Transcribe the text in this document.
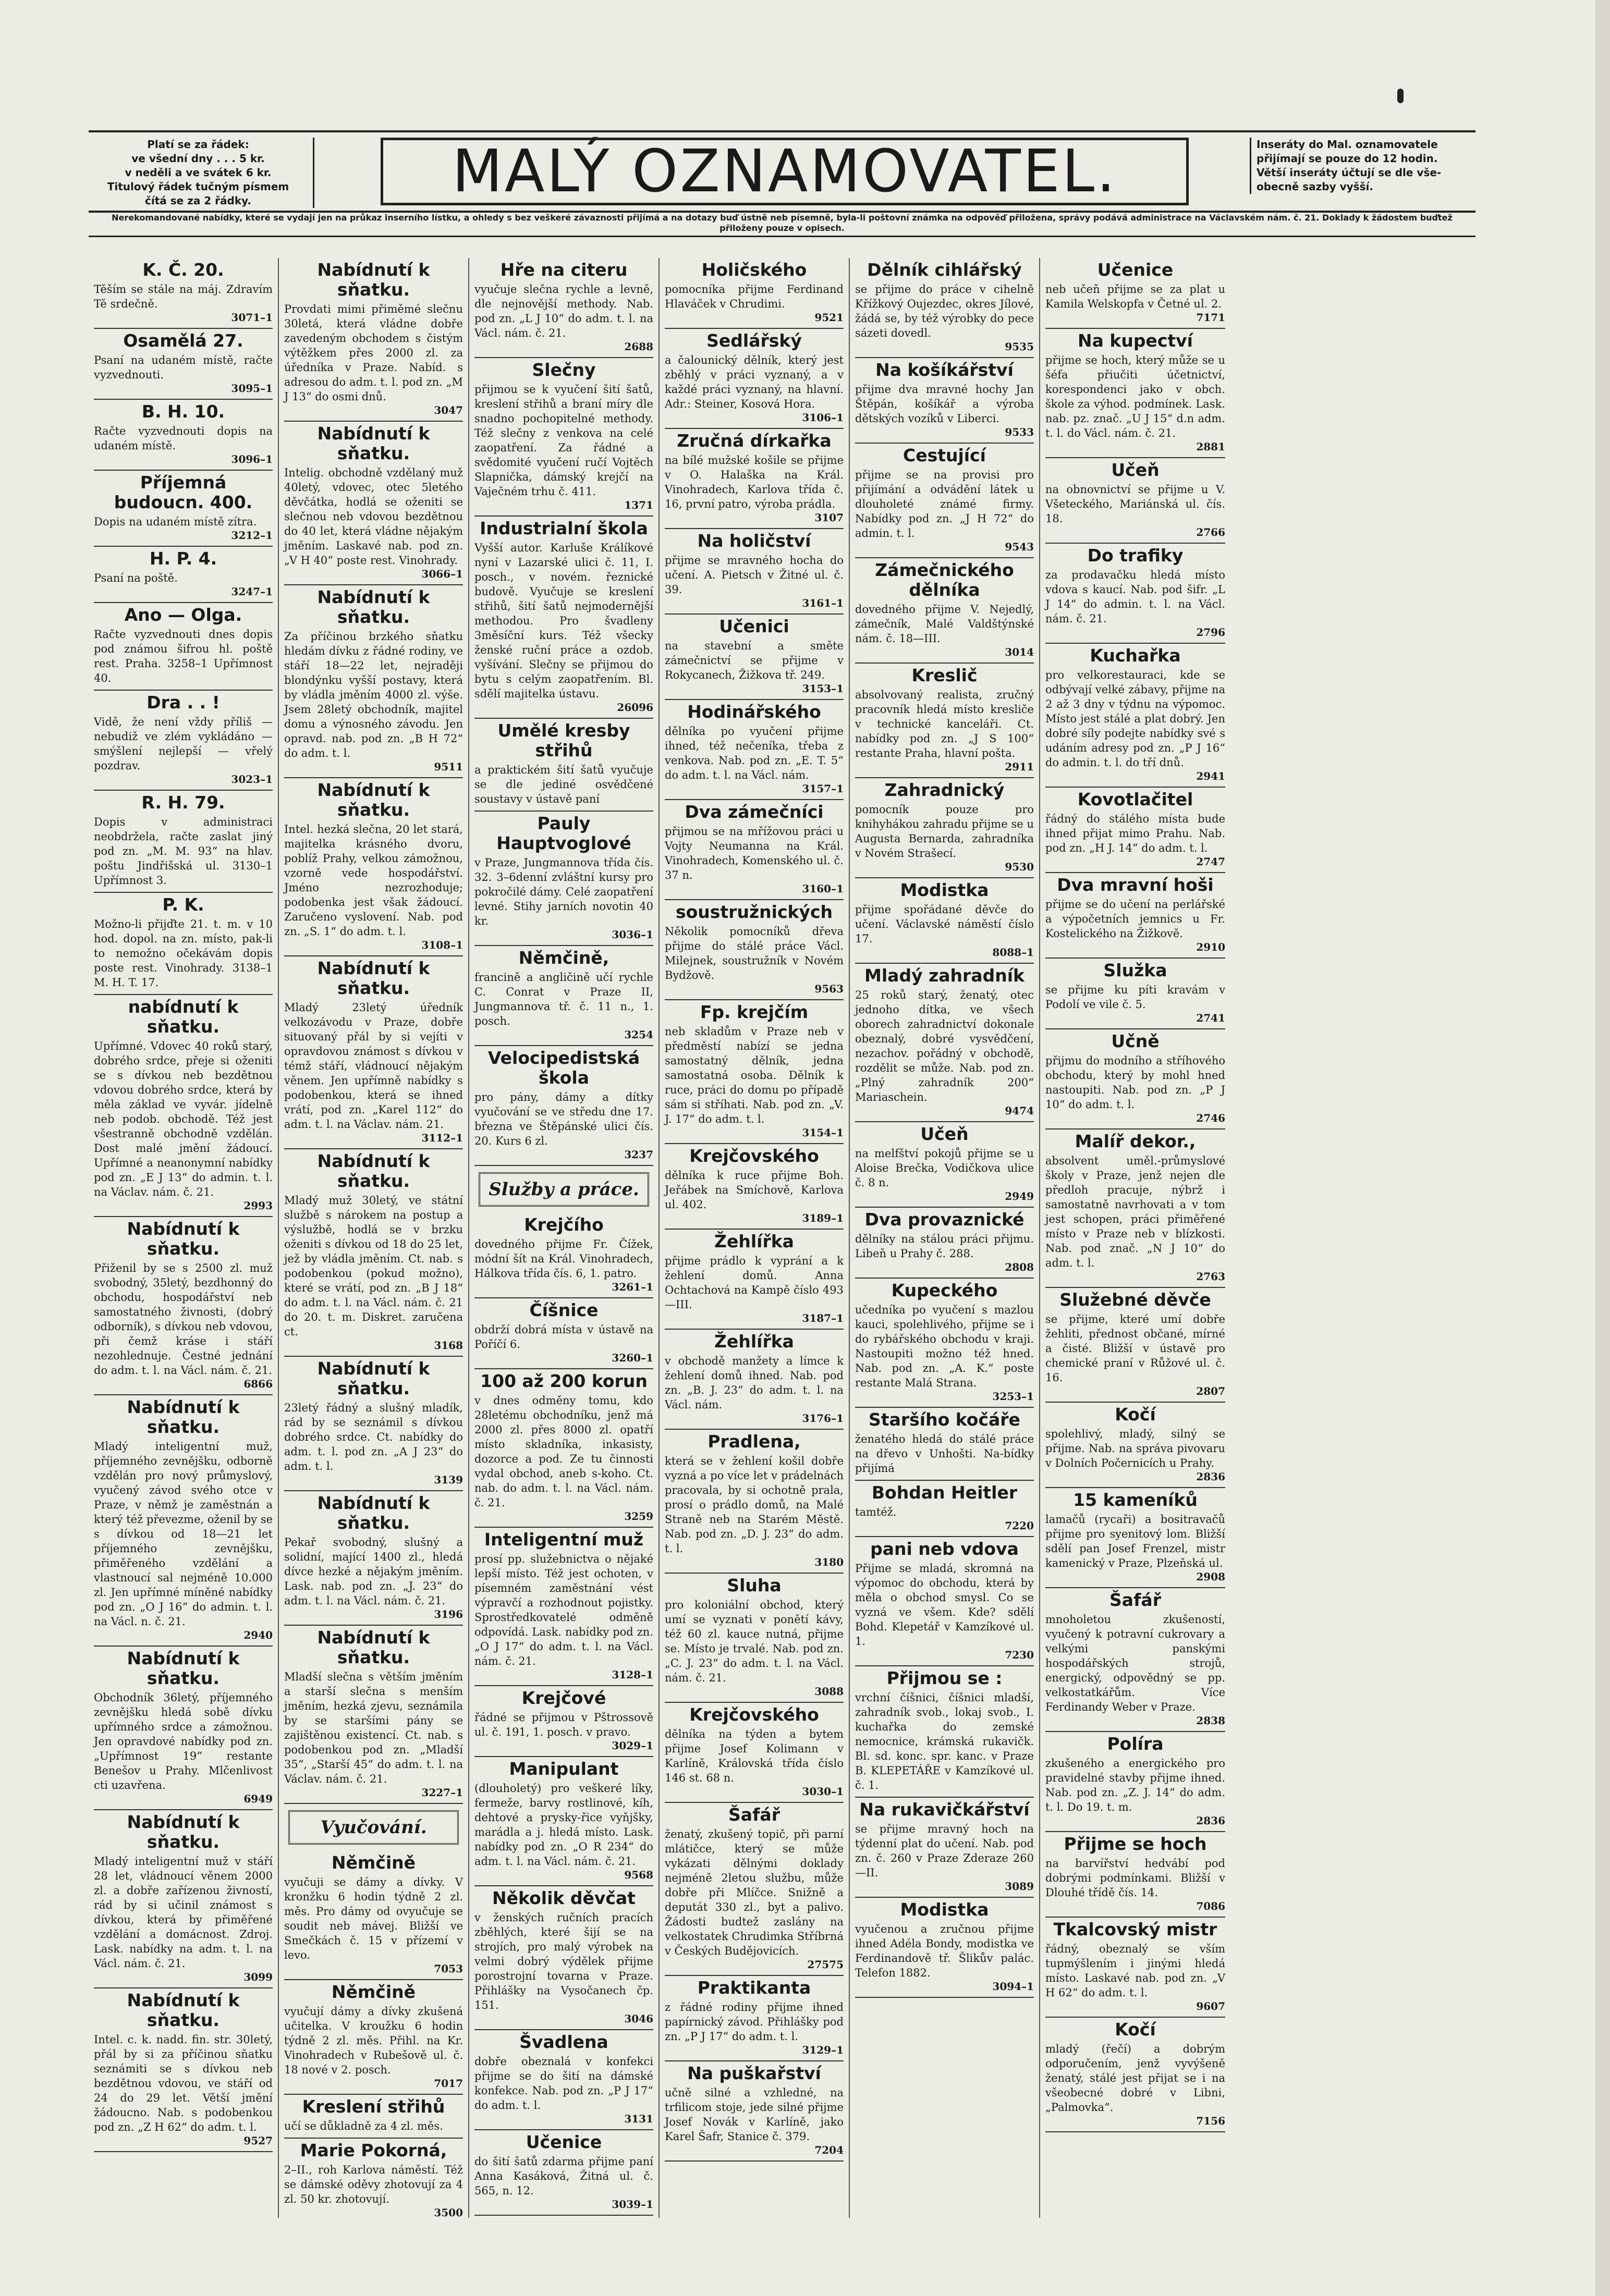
Platí se za řádek:
ve všední dny . . . 5 kr.
v neděli a ve svátek 6 kr.
Titulový řádek tučným písmem
čítá se za 2 řádky.	MALÝ OZNAMOVATEL.	Inseráty do Mal. oznamovatele
přijímají se pouze do 12 hodin.
Větší inseráty účtují se dle vše-
obecně sazby vyšší.
Nerekomandované nabídky, které se vydají jen na průkaz inserního lístku, a ohledy s bez veškeré závaznosti přijímá a na dotazy buď ústně neb písemně, byla-li poštovní známka na odpověď přiložena, správy podává administrace na Václavském nám. č. 21. Doklady k žádostem buďtež přiloženy pouze v opisech.
K. Č. 20.

Těším se stále na máj. Zdravím Tě srdečně.

3071–1
Osamělá 27.

Psaní na udaném místě, račte vyzvednouti.

3095–1
B. H. 10.

Račte vyzvednouti dopis na udaném místě.

3096–1
Příjemná budoucn. 400.

Dopis na udaném místě zítra.

3212–1
H. P. 4.

Psaní na poště.

3247–1
Ano — Olga.

Račte vyzvednouti dnes dopis pod známou šifrou hl. poště rest. Praha. 3258–1 Upřímnost 40.

Dra . . !

Vidě, že není vždy příliš — nebudiž ve zlém vykládáno — smýšlení nejlepší — vřelý pozdrav.

3023–1
R. H. 79.

Dopis v administraci neobdržela, račte zaslat jiný pod zn. „M. M. 93“ na hlav. poštu Jindřišská ul. 3130–1 Upřímnost 3.

P. K.

Možno-li přijďte 21. t. m. v 10 hod. dopol. na zn. místo, pak-li to nemožno očekávám dopis poste rest. Vinohrady. 3138–1 M. H. T. 17.

nabídnutí k sňatku.

Upřímné. Vdovec 40 roků starý, dobrého srdce, přeje si oženiti se s dívkou neb bezdětnou vdovou dobrého srdce, která by měla základ ve vyvár. jídelně neb podob. obchodě. Též jest všestranně obchodně vzdělán. Dost malé jmění žádoucí. Upřímné a neanonymní nabídky pod zn. „E J 13“ do admin. t. l. na Václav. nám. č. 21.

2993
Nabídnutí k sňatku.

Přiženil by se s 2500 zl. muž svobodný, 35letý, bezdhonný do obchodu, hospodářství neb samostatného živnosti, (dobrý odborník), s dívkou neb vdovou, při čemž kráse i stáří nezohlednuje. Čestné jednání do adm. t. l. na Václ. nám. č. 21.

6866
Nabídnutí k sňatku.

Mladý inteligentní muž, příjemného zevnějšku, odborně vzdělán pro nový průmyslový, vyučený závod svého otce v Praze, v němž je zaměstnán a který též převezme, oženil by se s dívkou od 18—21 let příjemného zevnějšku, přiměřeného vzdělání a vlastnoucí sal nejméně 10.000 zl. Jen upřímné míněné nabídky pod zn. „O J 16“ do admin. t. l. na Václ. n. č. 21.

2940
Nabídnutí k sňatku.

Obchodník 36letý, příjemného zevnějšku hledá sobě dívku upřímného srdce a zámožnou. Jen opravdové nabídky pod zn. „Upřímnost 19“ restante Benešov u Prahy. Mlčenlivost cti uzavřena.

6949
Nabídnutí k sňatku.

Mladý inteligentní muž v stáří 28 let, vládnoucí věnem 2000 zl. a dobře zařízenou živností, rád by si učinil známost s dívkou, která by přiměřené vzdělání a domácnost. Zdroj. Lask. nabídky na adm. t. l. na Václ. nám. č. 21.

3099
Nabídnutí k sňatku.

Intel. c. k. nadd. fin. str. 30letý, přál by si za příčinou sňatku seznámiti se s dívkou neb bezdětnou vdovou, ve stáří od 24 do 29 let. Větší jmění žádoucno. Nab. s podobenkou pod zn. „Z H 62“ do adm. t. l.

9527
Nabídnutí k sňatku.

Provdati mimi přiměmé slečnu 30letá, která vládne dobře zavedeným obchodem s čistým výtěžkem přes 2000 zl. za úředníka v Praze. Nabíd. s adresou do adm. t. l. pod zn. „M J 13“ do osmi dnů.

3047
Nabídnutí k sňatku.

Intelig. obchodně vzdělaný muž 40letý, vdovec, otec 5letého děvčátka, hodlá se oženiti se slečnou neb vdovou bezdětnou do 40 let, která vládne nějakým jměním. Laskavé nab. pod zn. „V H 40“ poste rest. Vinohrady.

3066–1
Nabídnutí k sňatku.

Za příčinou brzkého sňatku hledám dívku z řádné rodiny, ve stáří 18—22 let, nejraději blondýnku vyšší postavy, která by vládla jměním 4000 zl. výše. Jsem 28letý obchodník, majitel domu a výnosného závodu. Jen opravd. nab. pod zn. „B H 72“ do adm. t. l.

9511
Nabídnutí k sňatku.

Intel. hezká slečna, 20 let stará, majitelka krásného dvoru, poblíž Prahy, velkou zámožnou, vzorně vede hospodářství. Jméno nezrozhoduje; podobenka jest však žádoucí. Zaručeno vyslovení. Nab. pod zn. „S. 1“ do adm. t. l.

3108–1
Nabídnutí k sňatku.

Mladý 23letý úředník velkozávodu v Praze, dobře situovaný přál by si vejíti v opravdovou známost s dívkou v témž stáří, vládnoucí nějakým věnem. Jen upřímně nabídky s podobenkou, která se ihned vrátí, pod zn. „Karel 112“ do adm. t. l. na Václav. nám. 21.

3112–1
Nabídnutí k sňatku.

Mladý muž 30letý, ve státní službě s nárokem na postup a výslužbě, hodlá se v brzku oženiti s dívkou od 18 do 25 let, jež by vládla jměním. Ct. nab. s podobenkou (pokud možno), které se vrátí, pod zn. „B J 18“ do adm. t. l. na Václ. nám. č. 21 do 20. t. m. Diskret. zaručena ct.

3168
Nabídnutí k sňatku.

23letý řádný a slušný mladík, rád by se seznámil s dívkou dobrého srdce. Ct. nabídky do adm. t. l. pod zn. „A J 23“ do adm. t. l.

3139
Nabídnutí k sňatku.

Pekař svobodný, slušný a solidní, mající 1400 zl., hledá dívce hezké a nějakým jměním. Lask. nab. pod zn. „J. 23“ do adm. t. l. na Václ. nám. č. 21.

3196
Nabídnutí k sňatku.

Mladší slečna s větším jměním a starší slečna s menším jměním, hezká zjevu, seznámila by se staršími pány se zajištěnou existencí. Ct. nab. s podobenkou pod zn. „Mladší 35“, „Starší 45“ do adm. t. l. na Václav. nám. č. 21.

3227–1
Vyučování.
Němčině

vyučuji se dámy a dívky. V kronžku 6 hodin týdně 2 zl. měs. Pro dámy od ovyučuje se soudit neb mávej. Bližší ve Smečkách č. 15 v přízemí v levo.

7053
Němčině

vyučují dámy a dívky zkušená učitelka. V kroužku 6 hodin týdně 2 zl. měs. Přihl. na Kr. Vinohradech v Rubešově ul. č. 18 nové v 2. posch.

7017
Kreslení střihů

učí se důkladně za 4 zl. měs.

Marie Pokorná,

2–II., roh Karlova náměstí. Též se dámské oděvy zhotovují za 4 zl. 50 kr. zhotovují.

3500
Hře na citeru

vyučuje slečna rychle a levně, dle nejnovější methody. Nab. pod zn. „L J 10“ do adm. t. l. na Václ. nám. č. 21.

2688
Slečny

přijmou se k vyučení šití šatů, kreslení střihů a braní míry dle snadno pochopitelné methody. Též slečny z venkova na celé zaopatření. Za řádné a svědomité vyučení ručí Vojtěch Slapnička, dámský krejčí na Vaječném trhu č. 411.

1371
Industrialní škola

Vyšší autor. Karluše Králíkové nyní v Lazarské ulici č. 11, I. posch., v novém. řeznické budově. Vyučuje se kreslení střihů, šití šatů nejmodernější methodou. Pro švadleny 3měsíční kurs. Též všecky ženské ruční práce a ozdob. vyšívání. Slečny se přijmou do bytu s celým zaopatřením. Bl. sdělí majitelka ústavu.

26096
Umělé kresby střihů

a praktickém šití šatů vyučuje se dle jediné osvědčené soustavy v ústavě paní

Pauly Hauptvoglové

v Praze, Jungmannova třída čís. 32. 3–6denní zvláštní kursy pro pokročilé dámy. Celé zaopatření levné. Stihy jarních novotin 40 kr.

3036–1
Němčině,

francině a angličině učí rychle C. Conrat v Praze II, Jungmannova tř. č. 11 n., 1. posch.

3254
Velocipedistská škola

pro pány, dámy a dítky vyučování se ve středu dne 17. března ve Štěpánské ulici čís. 20. Kurs 6 zl.

3237
Služby a práce.
Krejčího

dovedného přijme Fr. Čížek, módní šít na Král. Vinohradech, Hálkova třída čís. 6, 1. patro.

3261–1
Číšnice

obdrží dobrá místa v ústavě na Poříčí 6.

3260–1
100 až 200 korun

v dnes odměny tomu, kdo 28letému obchodníku, jenž má 2000 zl. přes 8000 zl. opatří místo skladníka, inkasisty, dozorce a pod. Ze tu činnosti vydal obchod, aneb s-koho. Ct. nab. do adm. t. l. na Václ. nám. č. 21.

3259
Inteligentní muž

prosí pp. služebnictva o nějaké lepší místo. Též jest ochoten, v písemném zaměstnání vést výpravčí a rozhodnout pojistky. Sprostředkovatelé odměně odpovídá. Lask. nabídky pod zn. „O J 17“ do adm. t. l. na Václ. nám. č. 21.

3128–1
Krejčové

řádné se přijmou v Pštrossově ul. č. 191, 1. posch. v pravo.

3029–1
Manipulant

(dlouholetý) pro veškeré líky, fermeže, barvy rostlinové, kíh, dehtové a prysky-řice vyňjšky, marádla a j. hledá místo. Lask. nabídky pod zn. „O R 234“ do adm. t. l. na Václ. nám. č. 21.

9568
Několik děvčat

v ženských ručních pracích zběhlých, které šijí se na strojích, pro malý výrobek na velmi dobrý výdělek přijme porostrojní tovarna v Praze. Přihlášky na Vysočanech čp. 151.

3046
Švadlena

dobře obeznalá v konfekci přijme se do šití na dámské konfekce. Nab. pod zn. „P J 17“ do adm. t. l.

3131
Učenice

do šití šatů zdarma přijme paní Anna Kasáková, Žitná ul. č. 565, n. 12.

3039–1
Holičského

pomocníka přijme Ferdinand Hlaváček v Chrudimi.

9521
Sedlářský

a čalounický dělník, který jest zběhlý v práci vyznaný, a v každé práci vyznaný, na hlavní. Adr.: Steiner, Kosová Hora.

3106–1
Zručná dírkařka

na bílé mužské košile se přijme v O. Halaška na Král. Vinohradech, Karlova třída č. 16, první patro, výroba prádla.

3107
Na holičství

přijme se mravného hocha do učení. A. Pietsch v Žitné ul. č. 39.

3161–1
Učenici

na stavební a směte zámečnictví se přijme v Rokycanech, Žižkova tř. 249.

3153–1
Hodinářského

dělníka po vyučení přijme ihned, též nečeníka, třeba z venkova. Nab. pod zn. „E. T. 5“ do adm. t. l. na Václ. nám.

3157–1
Dva zámečníci

přijmou se na mřížovou práci u Vojty Neumanna na Král. Vinohradech, Komenského ul. č. 37 n.

3160–1
soustružnických

Několik pomocníků dřeva přijme do stálé práce Václ. Milejnek, soustružník v Novém Bydžově.

9563
Fp. krejčím

neb skladům v Praze neb v předměstí nabízí se jedna samostatný dělník, jedna samostatná osoba. Dělník k ruce, práci do domu po případě sám si stříhati. Nab. pod zn. „V. J. 17“ do adm. t. l.

3154–1
Krejčovského

dělníka k ruce přijme Boh. Jeřábek na Smíchově, Karlova ul. 402.

3189–1
Žehlířka

přijme prádlo k vyprání a k žehlení domů. Anna Ochtachová na Kampě číslo 493—III.

3187–1
Žehlířka

v obchodě manžety a límce k žehlení domů ihned. Nab. pod zn. „B. J. 23“ do adm. t. l. na Václ. nám.

3176–1
Pradlena,

která se v žehlení košil dobře vyzná a po více let v prádelnách pracovala, by si ochotně prala, prosí o prádlo domů, na Malé Straně neb na Starém Městě. Nab. pod zn. „D. J. 23“ do adm. t. l.

3180
Sluha

pro koloniální obchod, který umí se vyznati v ponětí kávy, též 60 zl. kauce nutná, přijme se. Místo je trvalé. Nab. pod zn. „C. J. 23“ do adm. t. l. na Václ. nám. č. 21.

3088
Krejčovského

dělníka na týden a bytem přijme Josef Kolimann v Karlíně, Královská třída číslo 146 st. 68 n.

3030–1
Šafář

ženatý, zkušený topič, při parní mlátičce, který se může vykázati dělnými doklady nejméně 2letou službu, může dobře při Mlíčce. Snižně a deputát 330 zl., byt a palivo. Žádosti budtež zaslány na velkostatek Chrudimka Stříbrná v Českých Budějovicích.

27575
Praktikanta

z řádné rodiny přijme ihned papírnický závod. Přihlášky pod zn. „P J 17“ do adm. t. l.

3129–1
Na puškařství

učně silné a vzhledné, na trfilicom stoje, jede silné přijme Josef Novák v Karlíně, jako Karel Šafr, Stanice č. 379.

7204
Dělník cihlářský

se přijme do práce v cihelně Křížkový Oujezdec, okres Jílové, žádá se, by též výrobky do pece sázeti dovedl.

9535
Na košíkářství

přijme dva mravné hochy Jan Štěpán, košíkář a výroba dětských vozíků v Liberci.

9533
Cestující

přijme se na provisi pro přijímání a odvádění látek u dlouholeté známé firmy. Nabídky pod zn. „J H 72“ do admin. t. l.

9543
Zámečnického dělníka

dovedného přijme V. Nejedlý, zámečník, Malé Valdštýnské nám. č. 18—III.

3014
Kreslič

absolvovaný realista, zručný pracovník hledá místo kresliče v technické kanceláři. Ct. nabídky pod zn. „J S 100“ restante Praha, hlavní pošta.

2911
Zahradnický

pomocník pouze pro knihyhákou zahradu přijme se u Augusta Bernarda, zahradníka v Novém Strašecí.

9530
Modistka

přijme spořádané děvče do učení. Václavské náměstí číslo 17.

8088–1
Mladý zahradník

25 roků starý, ženatý, otec jednoho dítka, ve všech oborech zahradnictví dokonale obeznalý, dobré vysvědčení, nezachov. pořádný v obchodě, rozdělit se může. Nab. pod zn. „Plný zahradník 200“ Mariaschein.

9474
Učeň

na melfštví pokojů přijme se u Aloise Brečka, Vodičkova ulice č. 8 n.

2949
Dva provaznické

dělníky na stálou práci přijmu. Libeň u Prahy č. 288.

2808
Kupeckého

učedníka po vyučení s mazlou kauci, spolehlivého, přijme se i do rybářského obchodu v kraji. Nastoupiti možno též hned. Nab. pod zn. „A. K.“ poste restante Malá Strana.

3253–1
Staršího kočáře

ženatého hledá do stálé práce na dřevo v Unhošti. Na-bídky přijímá

Bohdan Heitler

tamtéž.

7220
pani neb vdova

Přijme se mladá, skromná na výpomoc do obchodu, která by měla o obchod smysl. Co se vyzná ve všem. Kde? sdělí Bohd. Klepetář v Kamzíkové ul. 1.

7230
Přijmou se :

vrchní číšnici, číšnici mladší, zahradník svob., lokaj svob., I. kuchařka do zemské nemocnice, krámská rukavičk. Bl. sd. konc. spr. kanc. v Praze B. KLEPETÁŘE v Kamzíkové ul. č. 1.

Na rukavičkářství

se přijme mravný hoch na týdenní plat do učení. Nab. pod zn. č. 260 v Praze Zderaze 260—II.

3089
Modistka

vyučenou a zručnou přijme ihned Adéla Bondy, modistka ve Ferdinandově tř. Šlikův palác. Telefon 1882.

3094–1
Učenice

neb učeň přijme se za plat u Kamila Welskopfa v Četné ul. 2.

7171
Na kupectví

přijme se hoch, který může se u šéfa přiučiti účetnictví, korespondenci jako v obch. škole za výhod. podmínek. Lask. nab. pz. znač. „U J 15“ d.n adm. t. l. do Václ. nám. č. 21.

2881
Učeň

na obnovnictví se přijme u V. Všeteckého, Mariánská ul. čís. 18.

2766
Do trafiky

za prodavačku hledá místo vdova s kaucí. Nab. pod šifr. „L J 14“ do admin. t. l. na Václ. nám. č. 21.

2796
Kuchařka

pro velkorestauraci, kde se odbývají velké zábavy, přijme na 2 až 3 dny v týdnu na výpomoc. Místo jest stálé a plat dobrý. Jen dobré síly podejte nabídky své s udáním adresy pod zn. „P J 16“ do admin. t. l. do tří dnů.

2941
Kovotlačitel

řádný do stálého místa bude ihned přijat mimo Prahu. Nab. pod zn. „H J. 14“ do adm. t. l.

2747
Dva mravní hoši

přijme se do učení na perlářské a výpočetních jemnics u Fr. Kostelického na Žižkově.

2910
Služka

se přijme ku píti kravám v Podolí ve vile č. 5.

2741
Učně

přijmu do modního a stříhového obchodu, který by mohl hned nastoupiti. Nab. pod zn. „P J 10“ do adm. t. l.

2746
Malíř dekor.,

absolvent uměl.-průmyslové školy v Praze, jenž nejen dle předloh pracuje, nýbrž i samostatně navrhovati a v tom jest schopen, práci přiměřené místo v Praze neb v blízkosti. Nab. pod znač. „N J 10“ do adm. t. l.

2763
Služebné děvče

se přijme, které umí dobře žehliti, přednost občané, mírné a čisté. Bližší v ústavě pro chemické praní v Růžové ul. č. 16.

2807
Kočí

spolehlivý, mladý, silný se přijme. Nab. na správa pivovaru v Dolních Počernicích u Prahy.

2836
15 kameníků

lamačů (rycaři) a bositravačů přijme pro syenitový lom. Bližší sdělí pan Josef Frenzel, mistr kamenický v Praze, Plzeňská ul.

2908
Šafář

mnoholetou zkušeností, vyučený k potravní cukrovary a velkými panskými hospodářských strojů, energický, odpovědný se pp. velkostatkářům. Více Ferdinandy Weber v Praze.

2838
Políra

zkušeného a energického pro pravidelné stavby přijme ihned. Nab. pod zn. „Z. J. 14“ do adm. t. l. Do 19. t. m.

2836
Přijme se hoch

na barvířství hedvábí pod dobrými podmínkami. Bližší v Dlouhé třídě čís. 14.

7086
Tkalcovský mistr

řádný, obeznalý se vším tupmýšlením i jinými hledá místo. Laskavé nab. pod zn. „V H 62“ do adm. t. l.

9607
Kočí

mladý (řečí) a dobrým odporučením, jenž vyvýšeně ženatý, stálé jest přijat se i na všeobecné dobré v Libni, „Palmovka“.

7156
